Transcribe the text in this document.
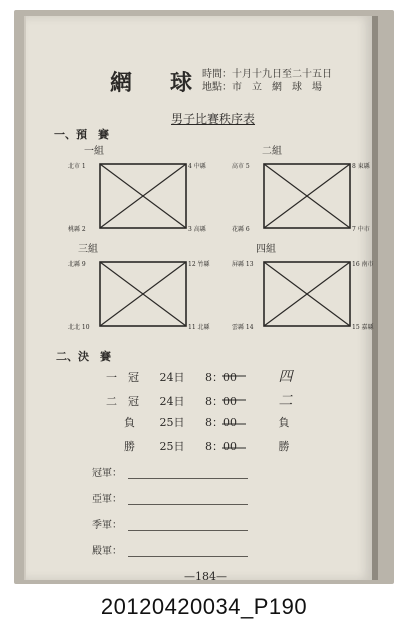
網　球 時間：十月十九日至二十五日
地點：市　立　網　球　場
男子比賽秩序表
一、預　賽
一組
北市 1	4 中縣
桃縣 2	3 高縣
二組
高市 5	8 東縣
花縣 6	7 中市
三組
北縣 9	12 竹縣
北北 10	11 北縣
四組
屏縣 13	16 南市
雲縣 14	15 嘉縣
二、決　賽
一　冠 24日 8：00	四
二　冠 24日 8：00	二
負 25日 8：00	負
勝 25日 8：00	勝
冠軍：
亞軍：
季軍：
殿軍：
—184—
20120420034_P190
